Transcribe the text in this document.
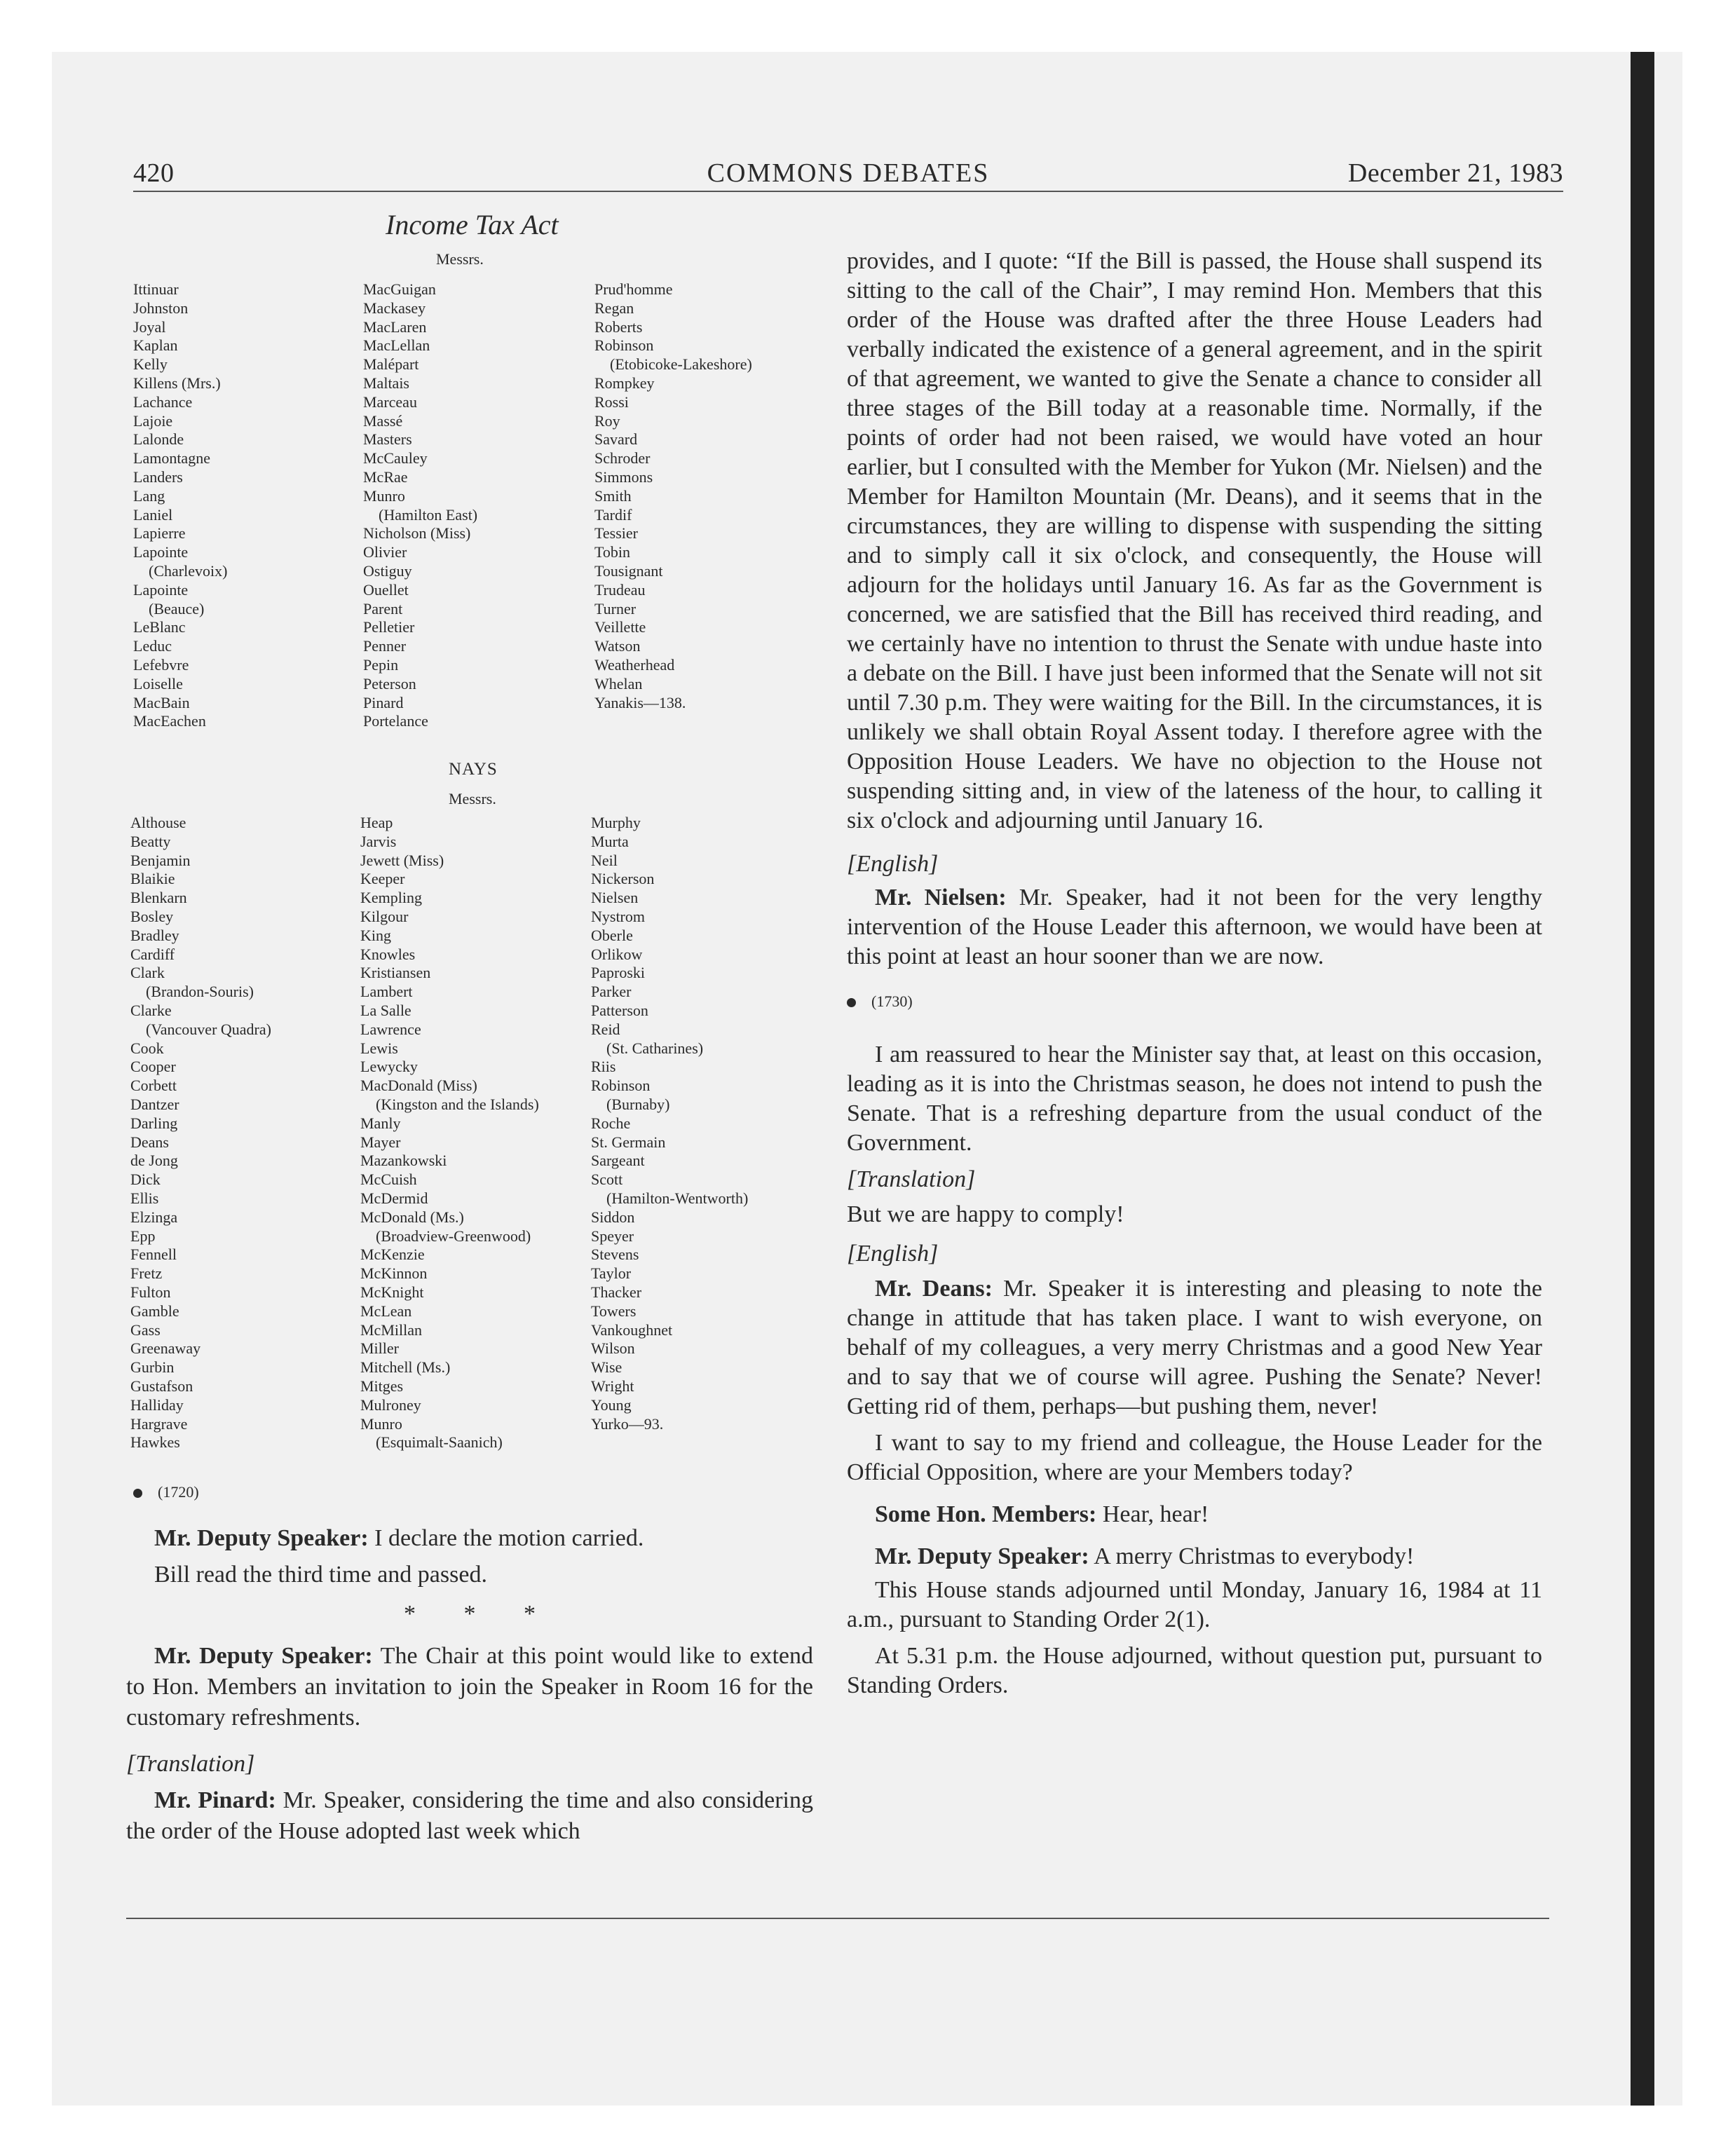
420	COMMONS DEBATES	December 21, 1983
Income Tax Act
Messrs.
Ittinuar
Johnston
Joyal
Kaplan
Kelly
Killens (Mrs.)
Lachance
Lajoie
Lalonde
Lamontagne
Landers
Lang
Laniel
Lapierre
Lapointe
(Charlevoix)
Lapointe
(Beauce)
LeBlanc
Leduc
Lefebvre
Loiselle
MacBain
MacEachen
MacGuigan
Mackasey
MacLaren
MacLellan
Malépart
Maltais
Marceau
Massé
Masters
McCauley
McRae
Munro
(Hamilton East)
Nicholson (Miss)
Olivier
Ostiguy
Ouellet
Parent
Pelletier
Penner
Pepin
Peterson
Pinard
Portelance
Prud'homme
Regan
Roberts
Robinson
(Etobicoke-Lakeshore)
Rompkey
Rossi
Roy
Savard
Schroder
Simmons
Smith
Tardif
Tessier
Tobin
Tousignant
Trudeau
Turner
Veillette
Watson
Weatherhead
Whelan
Yanakis—138.
NAYS
Messrs.
Althouse
Beatty
Benjamin
Blaikie
Blenkarn
Bosley
Bradley
Cardiff
Clark
(Brandon-Souris)
Clarke
(Vancouver Quadra)
Cook
Cooper
Corbett
Dantzer
Darling
Deans
de Jong
Dick
Ellis
Elzinga
Epp
Fennell
Fretz
Fulton
Gamble
Gass
Greenaway
Gurbin
Gustafson
Halliday
Hargrave
Hawkes
Heap
Jarvis
Jewett (Miss)
Keeper
Kempling
Kilgour
King
Knowles
Kristiansen
Lambert
La Salle
Lawrence
Lewis
Lewycky
MacDonald (Miss)
(Kingston and the Islands)
Manly
Mayer
Mazankowski
McCuish
McDermid
McDonald (Ms.)
(Broadview-Greenwood)
McKenzie
McKinnon
McKnight
McLean
McMillan
Miller
Mitchell (Ms.)
Mitges
Mulroney
Munro
(Esquimalt-Saanich)
Murphy
Murta
Neil
Nickerson
Nielsen
Nystrom
Oberle
Orlikow
Paproski
Parker
Patterson
Reid
(St. Catharines)
Riis
Robinson
(Burnaby)
Roche
St. Germain
Sargeant
Scott
(Hamilton-Wentworth)
Siddon
Speyer
Stevens
Taylor
Thacker
Towers
Vankoughnet
Wilson
Wise
Wright
Young
Yurko—93.
(1720)

Mr. Deputy Speaker: I declare the motion carried.

Bill read the third time and passed.

* * *

Mr. Deputy Speaker: The Chair at this point would like to extend to Hon. Members an invitation to join the Speaker in Room 16 for the customary refreshments.

[Translation]

Mr. Pinard: Mr. Speaker, considering the time and also considering the order of the House adopted last week which

provides, and I quote: “If the Bill is passed, the House shall suspend its sitting to the call of the Chair”, I may remind Hon. Members that this order of the House was drafted after the three House Leaders had verbally indicated the existence of a general agreement, and in the spirit of that agreement, we wanted to give the Senate a chance to consider all three stages of the Bill today at a reasonable time. Normally, if the points of order had not been raised, we would have voted an hour earlier, but I consulted with the Member for Yukon (Mr. Nielsen) and the Member for Hamilton Mountain (Mr. Deans), and it seems that in the circumstances, they are willing to dispense with suspending the sitting and to simply call it six o'clock, and consequently, the House will adjourn for the holidays until January 16. As far as the Government is concerned, we are satisfied that the Bill has received third reading, and we certainly have no intention to thrust the Senate with undue haste into a debate on the Bill. I have just been informed that the Senate will not sit until 7.30 p.m. They were waiting for the Bill. In the circumstances, it is unlikely we shall obtain Royal Assent today. I therefore agree with the Opposition House Leaders. We have no objection to the House not suspending sitting and, in view of the lateness of the hour, to calling it six o'clock and adjourning until January 16.

[English]

Mr. Nielsen: Mr. Speaker, had it not been for the very lengthy intervention of the House Leader this afternoon, we would have been at this point at least an hour sooner than we are now.

(1730)

I am reassured to hear the Minister say that, at least on this occasion, leading as it is into the Christmas season, he does not intend to push the Senate. That is a refreshing departure from the usual conduct of the Government.

[Translation]

But we are happy to comply!

[English]

Mr. Deans: Mr. Speaker it is interesting and pleasing to note the change in attitude that has taken place. I want to wish everyone, on behalf of my colleagues, a very merry Christmas and a good New Year and to say that we of course will agree. Pushing the Senate? Never! Getting rid of them, perhaps—but pushing them, never!

I want to say to my friend and colleague, the House Leader for the Official Opposition, where are your Members today?

Some Hon. Members: Hear, hear!

Mr. Deputy Speaker: A merry Christmas to everybody!

This House stands adjourned until Monday, January 16, 1984 at 11 a.m., pursuant to Standing Order 2(1).

At 5.31 p.m. the House adjourned, without question put, pursuant to Standing Orders.
